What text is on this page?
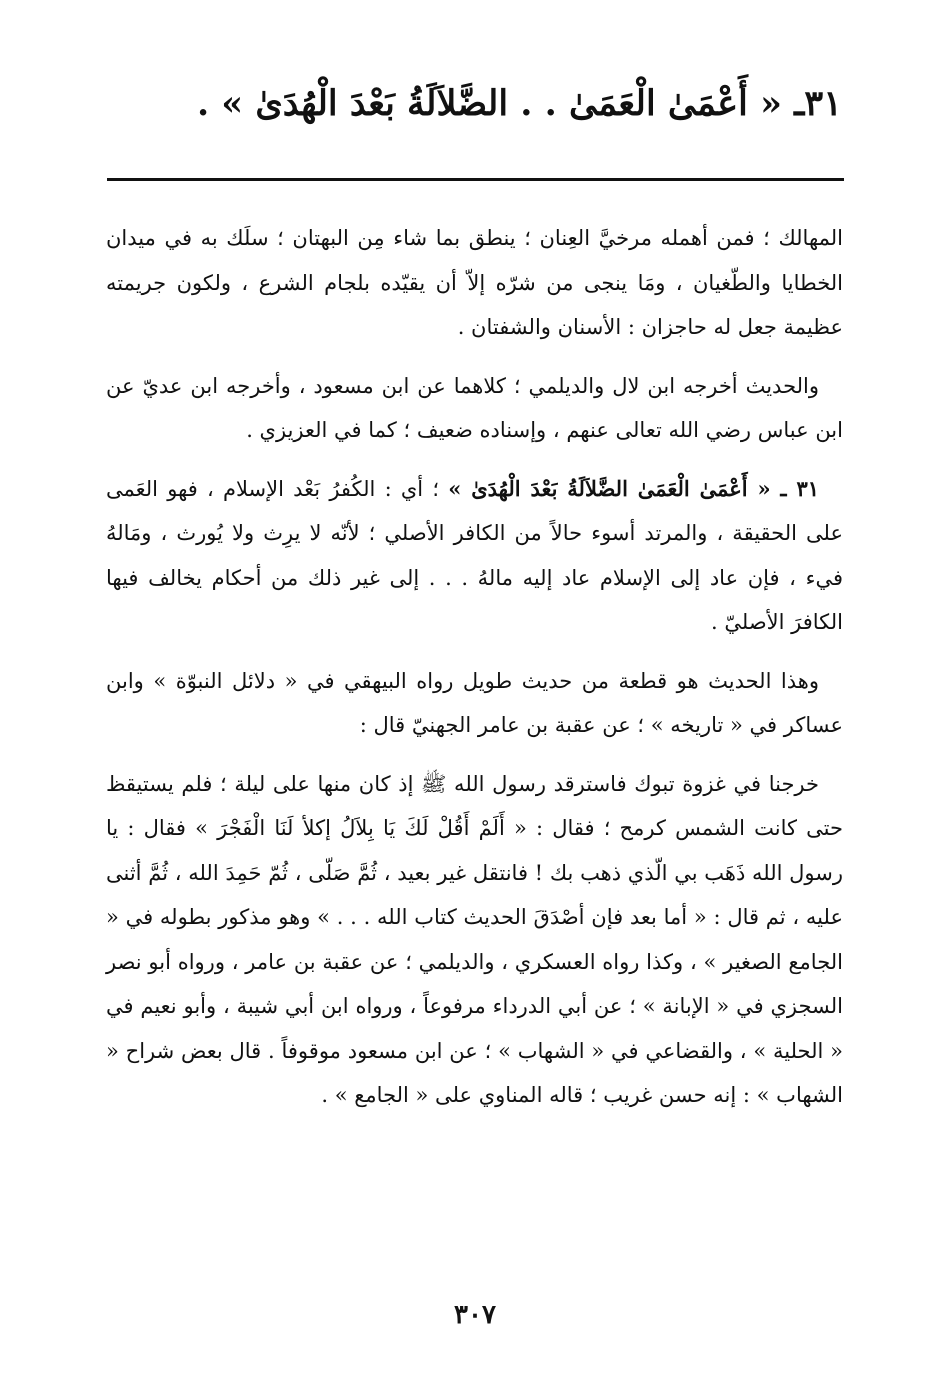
٣١ـ « أَعْمَىٰ الْعَمَىٰ . . الضَّلاَلَةُ بَعْدَ الْهُدَىٰ » .

المهالك ؛ فمن أهمله مرخيَّ العِنان ؛ ينطق بما شاء مِن البهتان ؛ سلَك به في ميدان الخطايا والطّغيان ، ومَا ينجى من شرّه إلاّ أن يقيّده بلجام الشرع ، ولكون جريمته عظيمة جعل له حاجزان : الأسنان والشفتان .

والحديث أخرجه ابن لال والديلمي ؛ كلاهما عن ابن مسعود ، وأخرجه ابن عديّ عن ابن عباس رضي الله تعالى عنهم ، وإسناده ضعيف ؛ كما في العزيزي .

٣١ ـ « أَعْمَىٰ الْعَمَىٰ الضَّلاَلَةُ بَعْدَ الْهُدَىٰ » ؛ أي : الكُفرُ بَعْد الإسلام ، فهو العَمى على الحقيقة ، والمرتد أسوء حالاً من الكافر الأصلي ؛ لأنّه لا يرِث ولا يُورث ، ومَالهُ فيء ، فإن عاد إلى الإسلام عاد إليه مالهُ . . . إلى غير ذلك من أحكام يخالف فيها الكافرَ الأصليّ .

وهذا الحديث هو قطعة من حديث طويل رواه البيهقي في « دلائل النبوّة » وابن عساكر في « تاريخه » ؛ عن عقبة بن عامر الجهنيّ قال :

خرجنا في غزوة تبوك فاسترقد رسول الله ﷺ إذ كان منها على ليلة ؛ فلم يستيقظ حتى كانت الشمس كرمح ؛ فقال : « أَلَمْ أَقُلْ لَكَ يَا بِلاَلُ إكلأ لَنَا الْفَجْرَ » فقال : يا رسول الله ذَهَب بي الّذي ذهب بك ! فانتقل غير بعيد ، ثُمَّ صَلّى ، ثُمّ حَمِدَ الله ، ثُمَّ أثنى عليه ، ثم قال : « أما بعد فإن أصْدَقَ الحديث كتاب الله . . . » وهو مذكور بطوله في « الجامع الصغير » ، وكذا رواه العسكري ، والديلمي ؛ عن عقبة بن عامر ، ورواه أبو نصر السجزي في « الإبانة » ؛ عن أبي الدرداء مرفوعاً ، ورواه ابن أبي شيبة ، وأبو نعيم في « الحلية » ، والقضاعي في « الشهاب » ؛ عن ابن مسعود موقوفاً . قال بعض شراح « الشهاب » : إنه حسن غريب ؛ قاله المناوي على « الجامع » .

٣٠٧
